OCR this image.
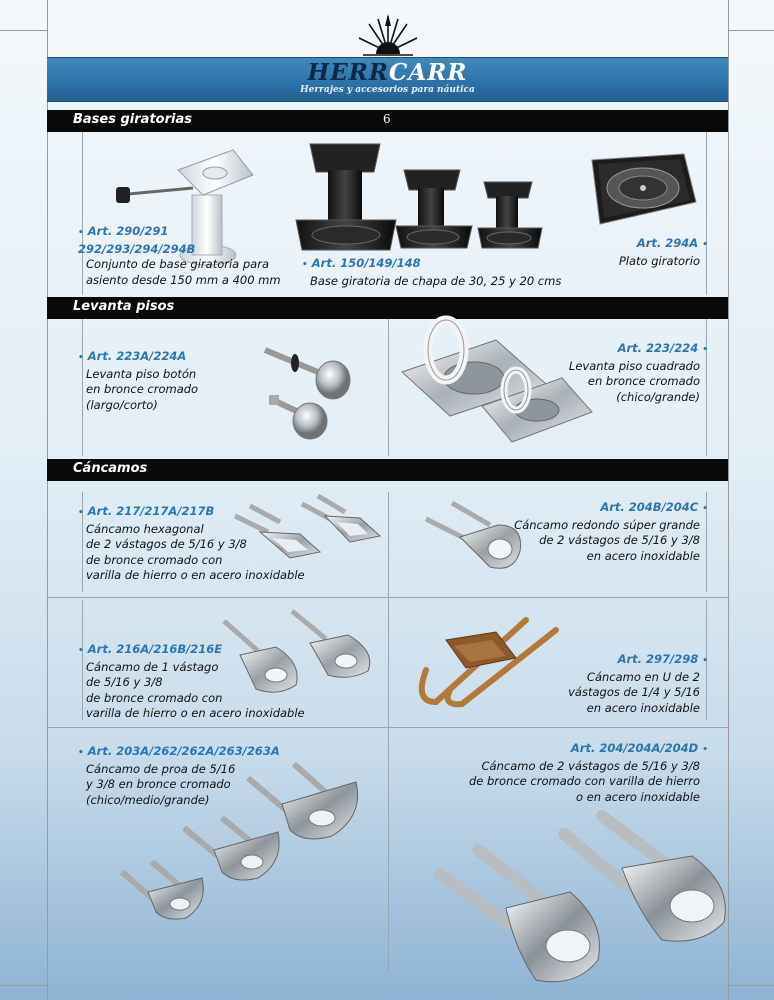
HERRCARR
Herrajes y accesorios para náutica
Bases giratorias	6
• Art. 290/291
292/293/294/294B
Conjunto de base giratoria para
asiento desde 150 mm a 400 mm
• Art. 150/149/148
Base giratoria de chapa de 30, 25 y 20 cms
Art. 294A •
Plato giratorio
Levanta pisos
• Art. 223A/224A
Levanta piso botón
en bronce cromado
(largo/corto)
Art. 223/224 •
Levanta piso cuadrado
en bronce cromado
(chico/grande)
Cáncamos
• Art. 217/217A/217B
Cáncamo hexagonal
de 2 vástagos de 5/16 y 3/8
de bronce cromado con
varilla de hierro o en acero inoxidable
Art. 204B/204C •
Cáncamo redondo súper grande
de 2 vástagos de 5/16 y 3/8
en acero inoxidable
• Art. 216A/216B/216E
Cáncamo de 1 vástago
de 5/16 y 3/8
de bronce cromado con
varilla de hierro o en acero inoxidable
Art. 297/298 •
Cáncamo en U de 2
vástagos de 1/4 y 5/16
en acero inoxidable
• Art. 203A/262/262A/263/263A
Cáncamo de proa de 5/16
y 3/8 en bronce cromado
(chico/medio/grande)
Art. 204/204A/204D •
Cáncamo de 2 vástagos de 5/16 y 3/8
de bronce cromado con varilla de hierro
o en acero inoxidable
